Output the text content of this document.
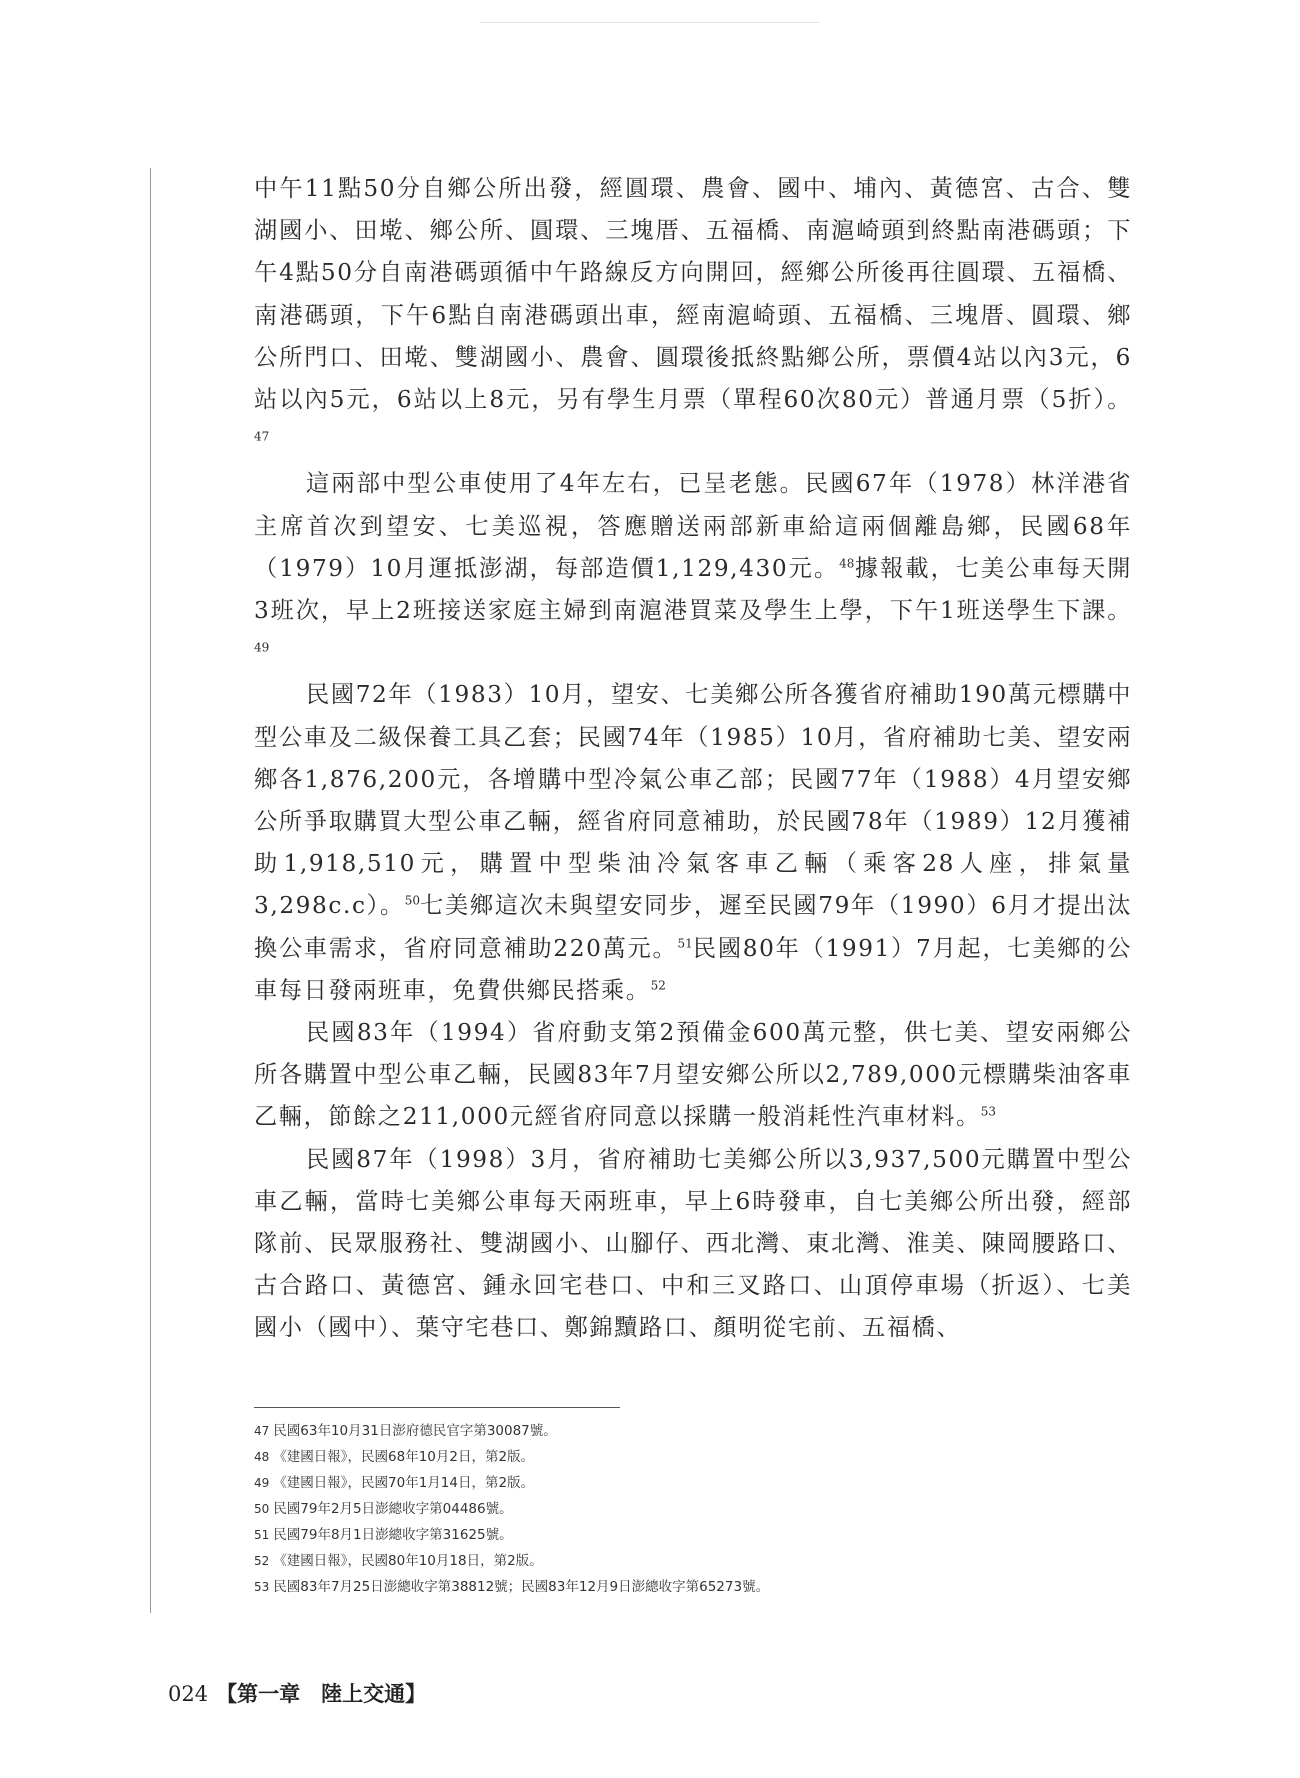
中午11點50分自鄉公所出發，經圓環、農會、國中、埔內、黃德宮、古合、雙湖國小、田墘、鄉公所、圓環、三塊厝、五福橋、南滬崎頭到終點南港碼頭；下午4點50分自南港碼頭循中午路線反方向開回，經鄉公所後再往圓環、五福橋、南港碼頭，下午6點自南港碼頭出車，經南滬崎頭、五福橋、三塊厝、圓環、鄉公所門口、田墘、雙湖國小、農會、圓環後抵終點鄉公所，票價4站以內3元，6站以內5元，6站以上8元，另有學生月票（單程60次80元）普通月票（5折）。$^{47}$

這兩部中型公車使用了4年左右，已呈老態。民國67年（1978）林洋港省主席首次到望安、七美巡視，答應贈送兩部新車給這兩個離島鄉，民國68年（1979）10月運抵澎湖，每部造價1,129,430元。$^{48}$據報載，七美公車每天開3班次，早上2班接送家庭主婦到南滬港買菜及學生上學，下午1班送學生下課。$^{49}$

民國72年（1983）10月，望安、七美鄉公所各獲省府補助190萬元標購中型公車及二級保養工具乙套；民國74年（1985）10月，省府補助七美、望安兩鄉各1,876,200元，各增購中型冷氣公車乙部；民國77年（1988）4月望安鄉公所爭取購買大型公車乙輛，經省府同意補助，於民國78年（1989）12月獲補助1,918,510元，購置中型柴油冷氣客車乙輛（乘客28人座，排氣量3,298c.c）。$^{50}$七美鄉這次未與望安同步，遲至民國79年（1990）6月才提出汰換公車需求，省府同意補助220萬元。$^{51}$民國80年（1991）7月起，七美鄉的公車每日發兩班車，免費供鄉民搭乘。$^{52}$

民國83年（1994）省府動支第2預備金600萬元整，供七美、望安兩鄉公所各購置中型公車乙輛，民國83年7月望安鄉公所以2,789,000元標購柴油客車乙輛，節餘之211,000元經省府同意以採購一般消耗性汽車材料。$^{53}$

民國87年（1998）3月，省府補助七美鄉公所以3,937,500元購置中型公車乙輛，當時七美鄉公車每天兩班車，早上6時發車，自七美鄉公所出發，經部隊前、民眾服務社、雙湖國小、山腳仔、西北灣、東北灣、淮美、陳岡腰路口、古合路口、黃德宮、鍾永回宅巷口、中和三叉路口、山頂停車場（折返）、七美國小（國中）、葉守宅巷口、鄭錦黷路口、顏明從宅前、五福橋、

47 民國63年10月31日澎府德民官字第30087號。
48 《建國日報》，民國68年10月2日，第2版。
49 《建國日報》，民國70年1月14日，第2版。
50 民國79年2月5日澎總收字第04486號。
51 民國79年8月1日澎總收字第31625號。
52 《建國日報》，民國80年10月18日，第2版。
53 民國83年7月25日澎總收字第38812號；民國83年12月9日澎總收字第65273號。
024 【第一章　陸上交通】
